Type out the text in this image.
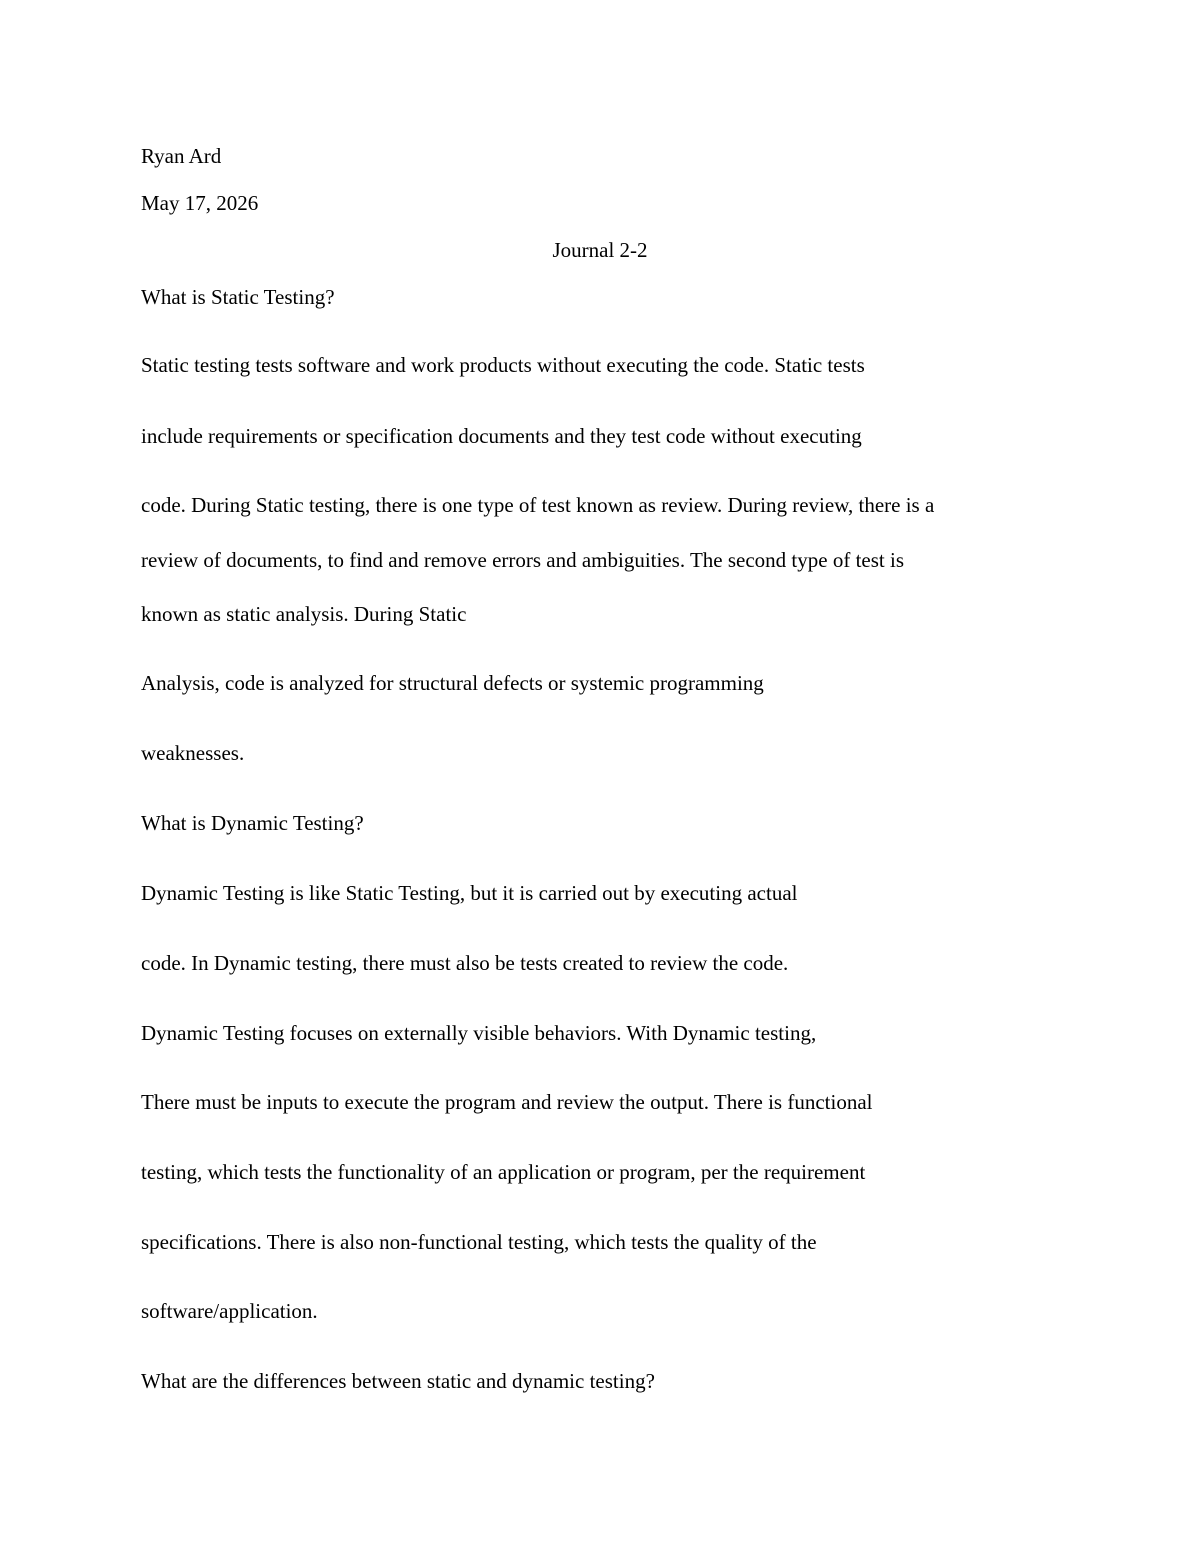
Ryan Ard
May 17, 2026
Journal 2-2
What is Static Testing?
Static testing tests software and work products without executing the code. Static tests
include requirements or specification documents and they test code without executing
code. During Static testing, there is one type of test known as review. During review, there is a
review of documents, to find and remove errors and ambiguities. The second type of test is
known as static analysis. During Static
Analysis, code is analyzed for structural defects or systemic programming
weaknesses.
What is Dynamic Testing?
Dynamic Testing is like Static Testing, but it is carried out by executing actual
code. In Dynamic testing, there must also be tests created to review the code.
Dynamic Testing focuses on externally visible behaviors. With Dynamic testing,
There must be inputs to execute the program and review the output. There is functional
testing, which tests the functionality of an application or program, per the requirement
specifications. There is also non-functional testing, which tests the quality of the
software/application.
What are the differences between static and dynamic testing?
